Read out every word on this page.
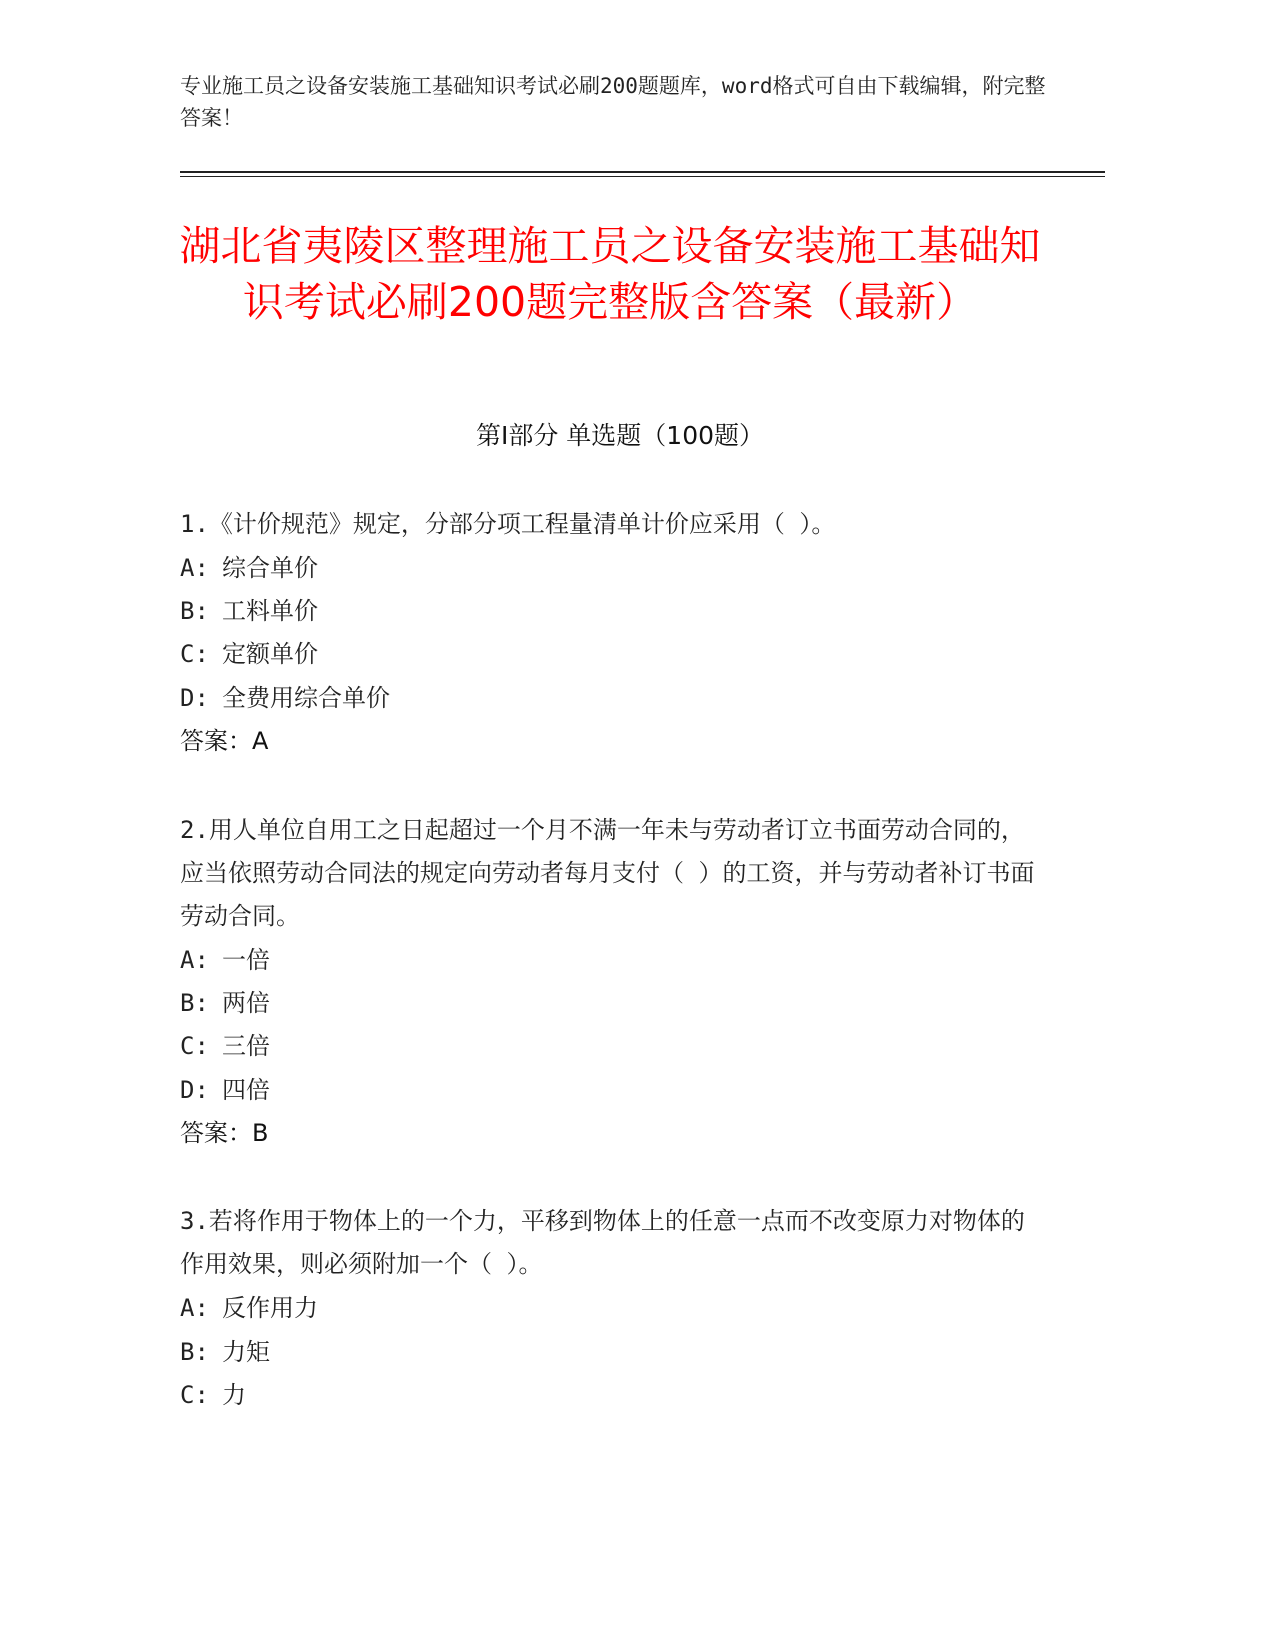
专业施工员之设备安装施工基础知识考试必刷200题题库，word格式可自由下载编辑，附完整答案！
湖北省夷陵区整理施工员之设备安装施工基础知识考试必刷200题完整版含答案（最新）
第Ⅰ部分 单选题（100题）
1.《计价规范》规定，分部分项工程量清单计价应采用（ ）。
A: 综合单价
B: 工料单价
C: 定额单价
D: 全费用综合单价
答案：A
2.用人单位自用工之日起超过一个月不满一年未与劳动者订立书面劳动合同的，应当依照劳动合同法的规定向劳动者每月支付（ ）的工资，并与劳动者补订书面劳动合同。
A: 一倍
B: 两倍
C: 三倍
D: 四倍
答案：B
3.若将作用于物体上的一个力，平移到物体上的任意一点而不改变原力对物体的作用效果，则必须附加一个（ ）。
A: 反作用力
B: 力矩
C: 力
